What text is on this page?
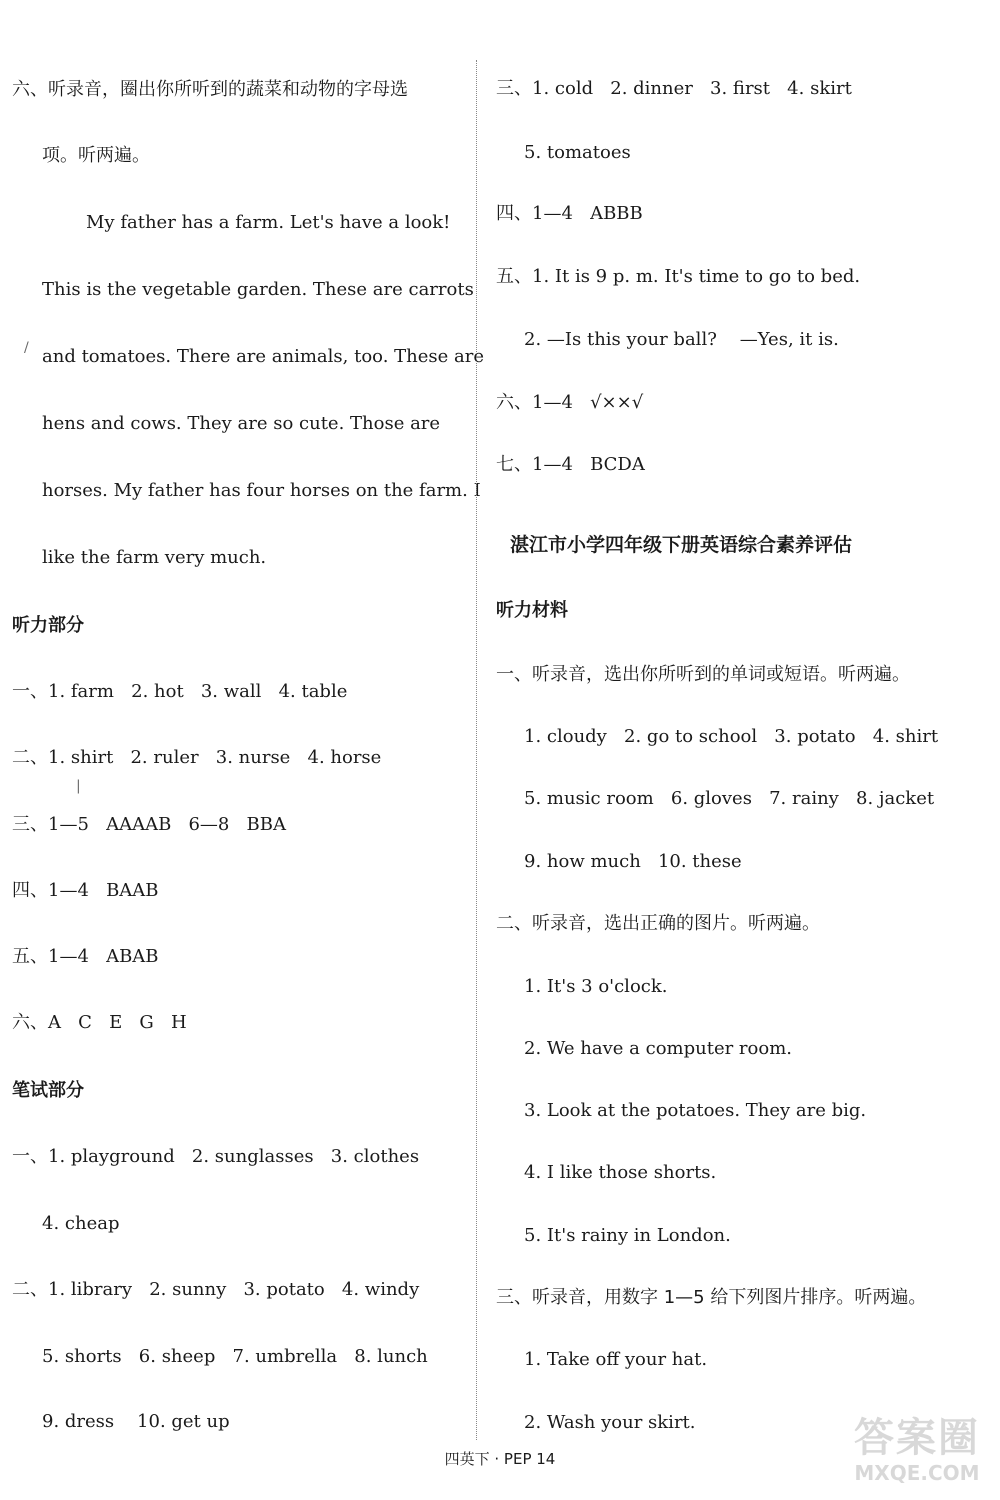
六、听录音，圈出你所听到的蔬菜和动物的字母选
项。听两遍。
My father has a farm. Let's have a look!
This is the vegetable garden. These are carrots
and tomatoes. There are animals, too. These are
hens and cows. They are so cute. Those are
horses. My father has four horses on the farm. I
like the farm very much.
听力部分
一、1. farm   2. hot   3. wall   4. table
二、1. shirt   2. ruler   3. nurse   4. horse
三、1—5   AAAAB   6—8   BBA
四、1—4   BAAB
五、1—4   ABAB
六、A   C   E   G   H
笔试部分
一、1. playground   2. sunglasses   3. clothes
4. cheap
二、1. library   2. sunny   3. potato   4. windy
5. shorts   6. sheep   7. umbrella   8. lunch
9. dress    10. get up
/
|
三、1. cold   2. dinner   3. first   4. skirt
5. tomatoes
四、1—4   ABBB
五、1. It is 9 p. m. It's time to go to bed.
2. —Is this your ball?    —Yes, it is.
六、1—4   √××√
七、1—4   BCDA
湛江市小学四年级下册英语综合素养评估
听力材料
一、听录音，选出你所听到的单词或短语。听两遍。
1. cloudy   2. go to school   3. potato   4. shirt
5. music room   6. gloves   7. rainy   8. jacket
9. how much   10. these
二、听录音，选出正确的图片。听两遍。
1. It's 3 o'clock.
2. We have a computer room.
3. Look at the potatoes. They are big.
4. I like those shorts.
5. It's rainy in London.
三、听录音，用数字 1—5 给下列图片排序。听两遍。
1. Take off your hat.
2. Wash your skirt.
四英下 · PEP 14	答案圈
MXQE.COM
